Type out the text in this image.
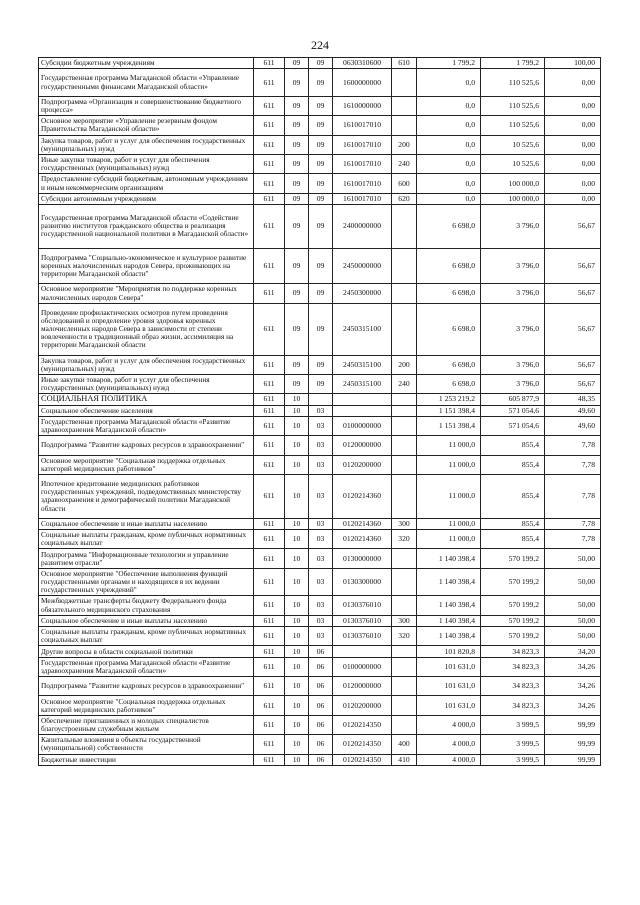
224
Субсидии бюджетным учреждениям	611	09	09	0630310600	610	1 799,2	1 799,2	100,00
Государственная программа Магаданской области «Управление государственными финансами Магаданской области»	611	09	09	1600000000		0,0	110 525,6	0,00
Подпрограмма «Организация и совершенствование бюджетного процесса»	611	09	09	1610000000		0,0	110 525,6	0,00
Основное мероприятие «Управление резервным фондом Правительства Магаданской области»	611	09	09	1610017010		0,0	110 525,6	0,00
Закупка товаров, работ и услуг для обеспечения государственных (муниципальных) нужд	611	09	09	1610017010	200	0,0	10 525,6	0,00
Иные закупки товаров, работ и услуг для обеспечения государственных (муниципальных) нужд	611	09	09	1610017010	240	0,0	10 525,6	0,00
Предоставление субсидий бюджетным, автономным учреждениям и иным некоммерческим организациям	611	09	09	1610017010	600	0,0	100 000,0	0,00
Субсидии автономным учреждениям	611	09	09	1610017010	620	0,0	100 000,0	0,00
Государственная программа Магаданской области «Содействие развитию институтов гражданского общества и реализация государственной национальной политики в Магаданской области»	611	09	09	2400000000		6 698,0	3 796,0	56,67
Подпрограмма "Социально-экономическое и культурное развитие коренных малочисленных народов Севера, проживающих на территории Магаданской области"	611	09	09	2450000000		6 698,0	3 796,0	56,67
Основное мероприятие "Мероприятия по поддержке коренных малочисленных народов Севера"	611	09	09	2450300000		6 698,0	3 796,0	56,67
Проведение профилактических осмотров путем проведения обследований и определение уровня здоровья коренных малочисленных народов Севера в зависимости от степени вовлеченности в традиционный образ жизни, ассимиляция на территории Магаданской области	611	09	09	2450315100		6 698,0	3 796,0	56,67
Закупка товаров, работ и услуг для обеспечения государственных (муниципальных) нужд	611	09	09	2450315100	200	6 698,0	3 796,0	56,67
Иные закупки товаров, работ и услуг для обеспечения государственных (муниципальных) нужд	611	09	09	2450315100	240	6 698,0	3 796,0	56,67
СОЦИАЛЬНАЯ ПОЛИТИКА	611	10				1 253 219,2	605 877,9	48,35
Социальное обеспечение населения	611	10	03			1 151 398,4	571 054,6	49,60
Государственная программа Магаданской области «Развитие здравоохранения Магаданской области»	611	10	03	0100000000		1 151 398,4	571 054,6	49,60
Подпрограмма "Развитие кадровых ресурсов в здравоохранении"	611	10	03	0120000000		11 000,0	855,4	7,78
Основное мероприятие "Социальная поддержка отдельных категорий медицинских работников"	611	10	03	0120200000		11 000,0	855,4	7,78
Ипотечное кредитование медицинских работников государственных учреждений, подведомственных министерству здравоохранения и демографической политики Магаданской области	611	10	03	0120214360		11 000,0	855,4	7,78
Социальное обеспечение и иные выплаты населению	611	10	03	0120214360	300	11 000,0	855,4	7,78
Социальные выплаты гражданам, кроме публичных нормативных социальных выплат	611	10	03	0120214360	320	11 000,0	855,4	7,78
Подпрограмма "Информационные технологии и управление развитием отрасли"	611	10	03	0130000000		1 140 398,4	570 199,2	50,00
Основное мероприятие "Обеспечение выполнения функций государственными органами и находящихся в их ведении государственных учреждений"	611	10	03	0130300000		1 140 398,4	570 199,2	50,00
Межбюджетные трансферты бюджету Федерального фонда обязательного медицинского страхования	611	10	03	0130376010		1 140 398,4	570 199,2	50,00
Социальное обеспечение и иные выплаты населению	611	10	03	0130376010	300	1 140 398,4	570 199,2	50,00
Социальные выплаты гражданам, кроме публичных нормативных социальных выплат	611	10	03	0130376010	320	1 140 398,4	570 199,2	50,00
Другие вопросы в области социальной политики	611	10	06			101 820,8	34 823,3	34,20
Государственная программа Магаданской области «Развитие здравоохранения Магаданской области»	611	10	06	0100000000		101 631,0	34 823,3	34,26
Подпрограмма "Развитие кадровых ресурсов в здравоохранении"	611	10	06	0120000000		101 631,0	34 823,3	34,26
Основное мероприятие "Социальная поддержка отдельных категорий медицинских работников"	611	10	06	0120200000		101 631,0	34 823,3	34,26
Обеспечение приглашенных и молодых специалистов благоустроенным служебным жильем	611	10	06	0120214350		4 000,0	3 999,5	99,99
Капитальные вложения в объекты государственной (муниципальной) собственности	611	10	06	0120214350	400	4 000,0	3 999,5	99,99
Бюджетные инвестиции	611	10	06	0120214350	410	4 000,0	3 999,5	99,99
